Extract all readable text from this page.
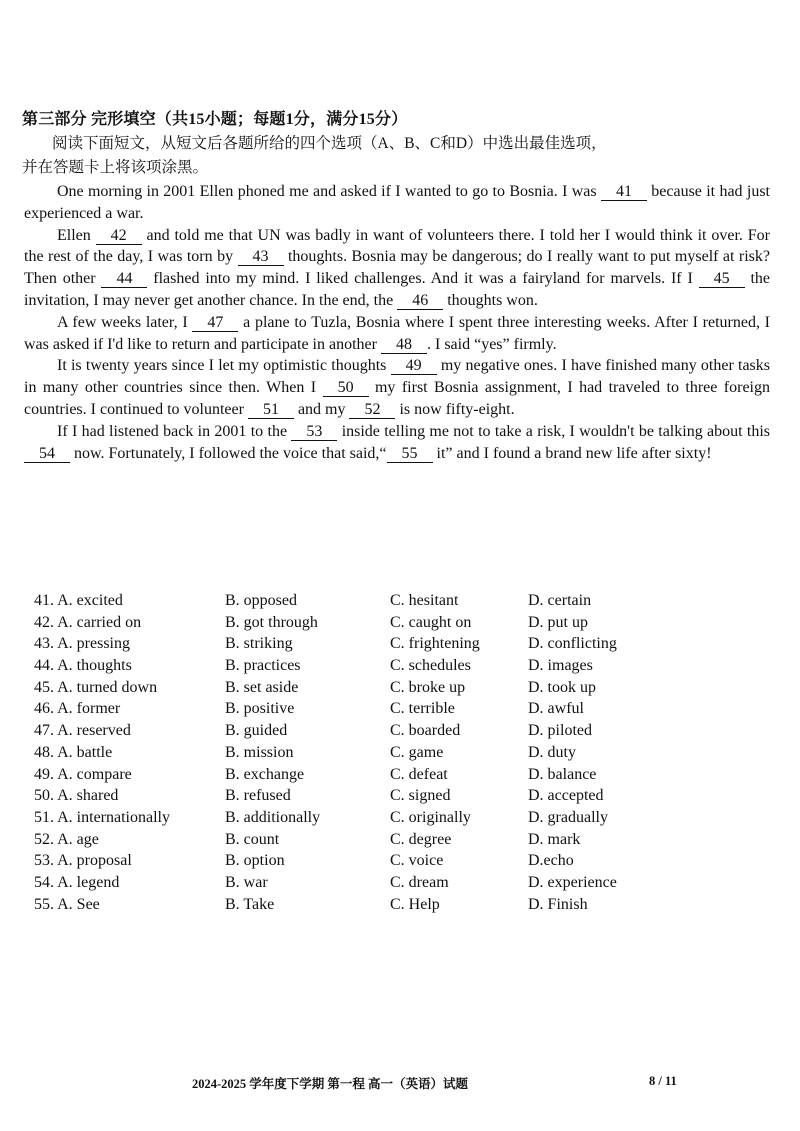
第三部分 完形填空（共15小题；每题1分，满分15分）
阅读下面短文，从短文后各题所给的四个选项（A、B、C和D）中选出最佳选项，
并在答题卡上将该项涂黑。

One morning in 2001 Ellen phoned me and asked if I wanted to go to Bosnia. I was 41 because it had just experienced a war.

Ellen 42 and told me that UN was badly in want of volunteers there. I told her I would think it over. For the rest of the day, I was torn by 43 thoughts. Bosnia may be dangerous; do I really want to put myself at risk? Then other 44 flashed into my mind. I liked challenges. And it was a fairyland for marvels. If I 45 the invitation, I may never get another chance. In the end, the 46 thoughts won.

A few weeks later, I 47 a plane to Tuzla, Bosnia where I spent three interesting weeks. After I returned, I was asked if I'd like to return and participate in another 48 . I said “yes” firmly.

It is twenty years since I let my optimistic thoughts 49 my negative ones. I have finished many other tasks in many other countries since then. When I 50 my first Bosnia assignment, I had traveled to three foreign countries. I continued to volunteer 51 and my 52 is now fifty-eight.

If I had listened back in 2001 to the 53 inside telling me not to take a risk, I wouldn't be talking about this 54 now. Fortunately, I followed the voice that said,“ 55 it” and I found a brand new life after sixty!

41. A. excited	B. opposed	C. hesitant	D. certain
42. A. carried on	B. got through	C. caught on	D. put up
43. A. pressing	B. striking	C. frightening	D. conflicting
44. A. thoughts	B. practices	C. schedules	D. images
45. A. turned down	B. set aside	C. broke up	D. took up
46. A. former	B. positive	C. terrible	D. awful
47. A. reserved	B. guided	C. boarded	D. piloted
48. A. battle	B. mission	C. game	D. duty
49. A. compare	B. exchange	C. defeat	D. balance
50. A. shared	B. refused	C. signed	D. accepted
51. A. internationally	B. additionally	C. originally	D. gradually
52. A. age	B. count	C. degree	D. mark
53. A. proposal	B. option	C. voice	D.echo
54. A. legend	B. war	C. dream	D. experience
55. A. See	B. Take	C. Help	D. Finish
2024-2025 学年度下学期 第一程 高一（英语）试题	8 / 11
